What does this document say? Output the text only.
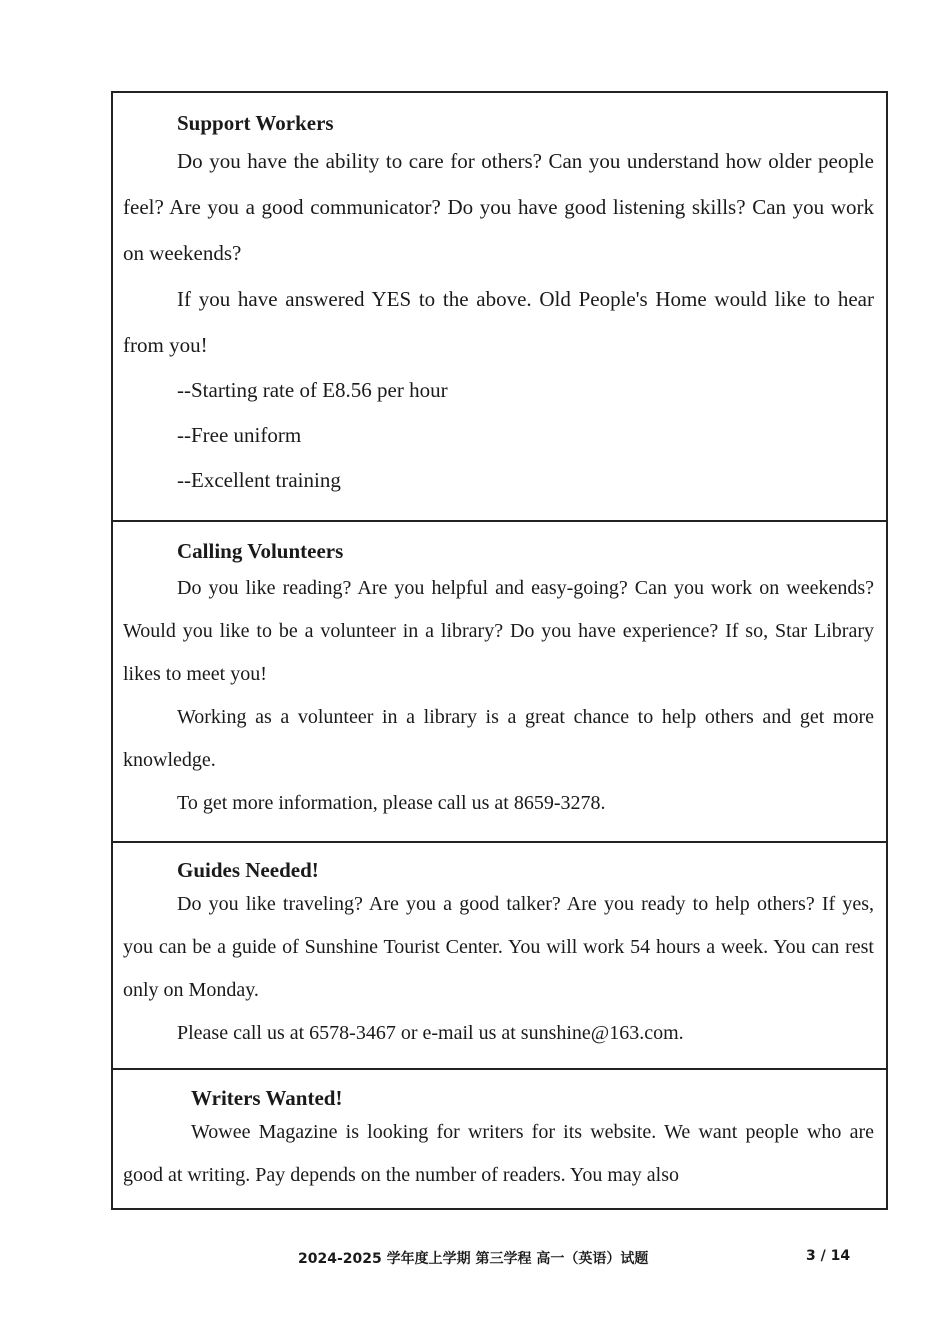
Support Workers

Do you have the ability to care for others? Can you understand how older people feel? Are you a good communicator? Do you have good listening skills? Can you work on weekends?

If you have answered YES to the above. Old People's Home would like to hear from you!

--Starting rate of E8.56 per hour

--Free uniform

--Excellent training

Calling Volunteers

Do you like reading? Are you helpful and easy-going? Can you work on weekends? Would you like to be a volunteer in a library? Do you have experience? If so, Star Library likes to meet you!

Working as a volunteer in a library is a great chance to help others and get more knowledge.

To get more information, please call us at 8659-3278.

Guides Needed!

Do you like traveling? Are you a good talker? Are you ready to help others? If yes, you can be a guide of Sunshine Tourist Center. You will work 54 hours a week. You can rest only on Monday.

Please call us at 6578-3467 or e-mail us at sunshine@163.com.

Writers Wanted!

Wowee Magazine is looking for writers for its website. We want people who are good at writing. Pay depends on the number of readers. You may also

2024-2025 学年度上学期 第三学程 高一（英语）试题	3 / 14
